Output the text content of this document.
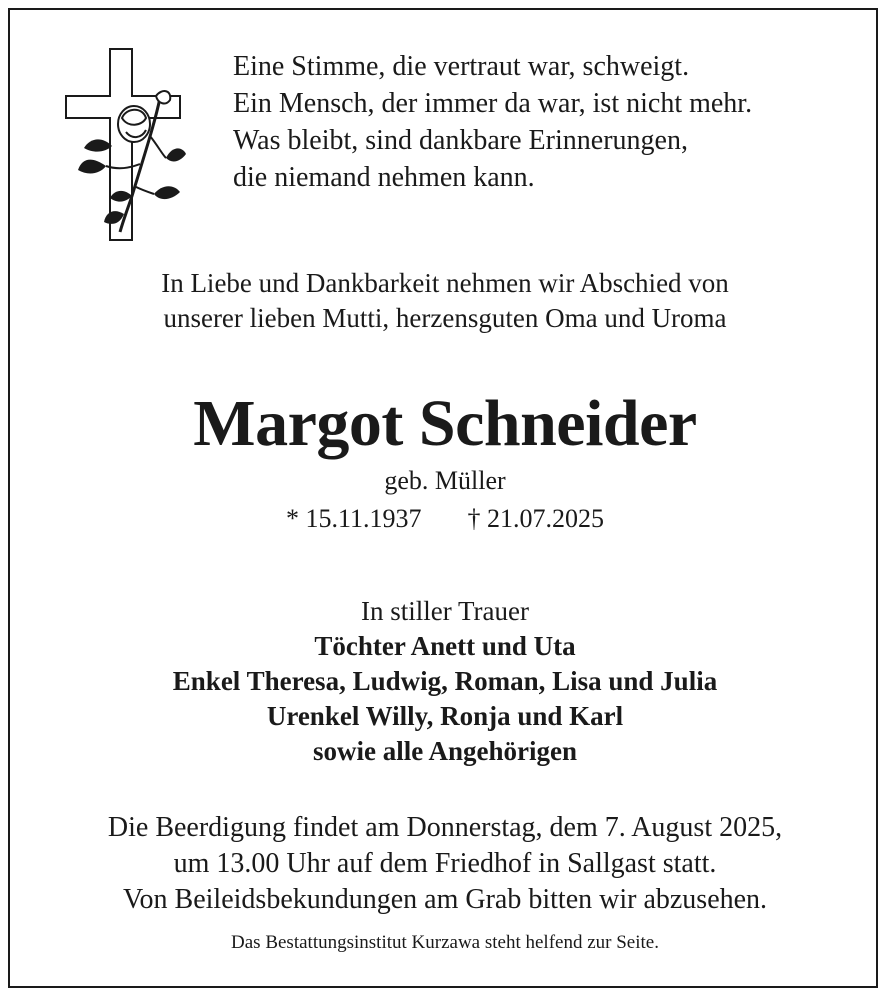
Eine Stimme, die vertraut war, schweigt.
Ein Mensch, der immer da war, ist nicht mehr.
Was bleibt, sind dankbare Erinnerungen,
die niemand nehmen kann.
In Liebe und Dankbarkeit nehmen wir Abschied von
unserer lieben Mutti, herzensguten Oma und Uroma
Margot Schneider
geb. Müller
* 15.11.1937 † 21.07.2025
In stiller Trauer
Töchter Anett und Uta
Enkel Theresa, Ludwig, Roman, Lisa und Julia
Urenkel Willy, Ronja und Karl
sowie alle Angehörigen
Die Beerdigung findet am Donnerstag, dem 7. August 2025,
um 13.00 Uhr auf dem Friedhof in Sallgast statt.
Von Beileidsbekundungen am Grab bitten wir abzusehen.
Das Bestattungsinstitut Kurzawa steht helfend zur Seite.
